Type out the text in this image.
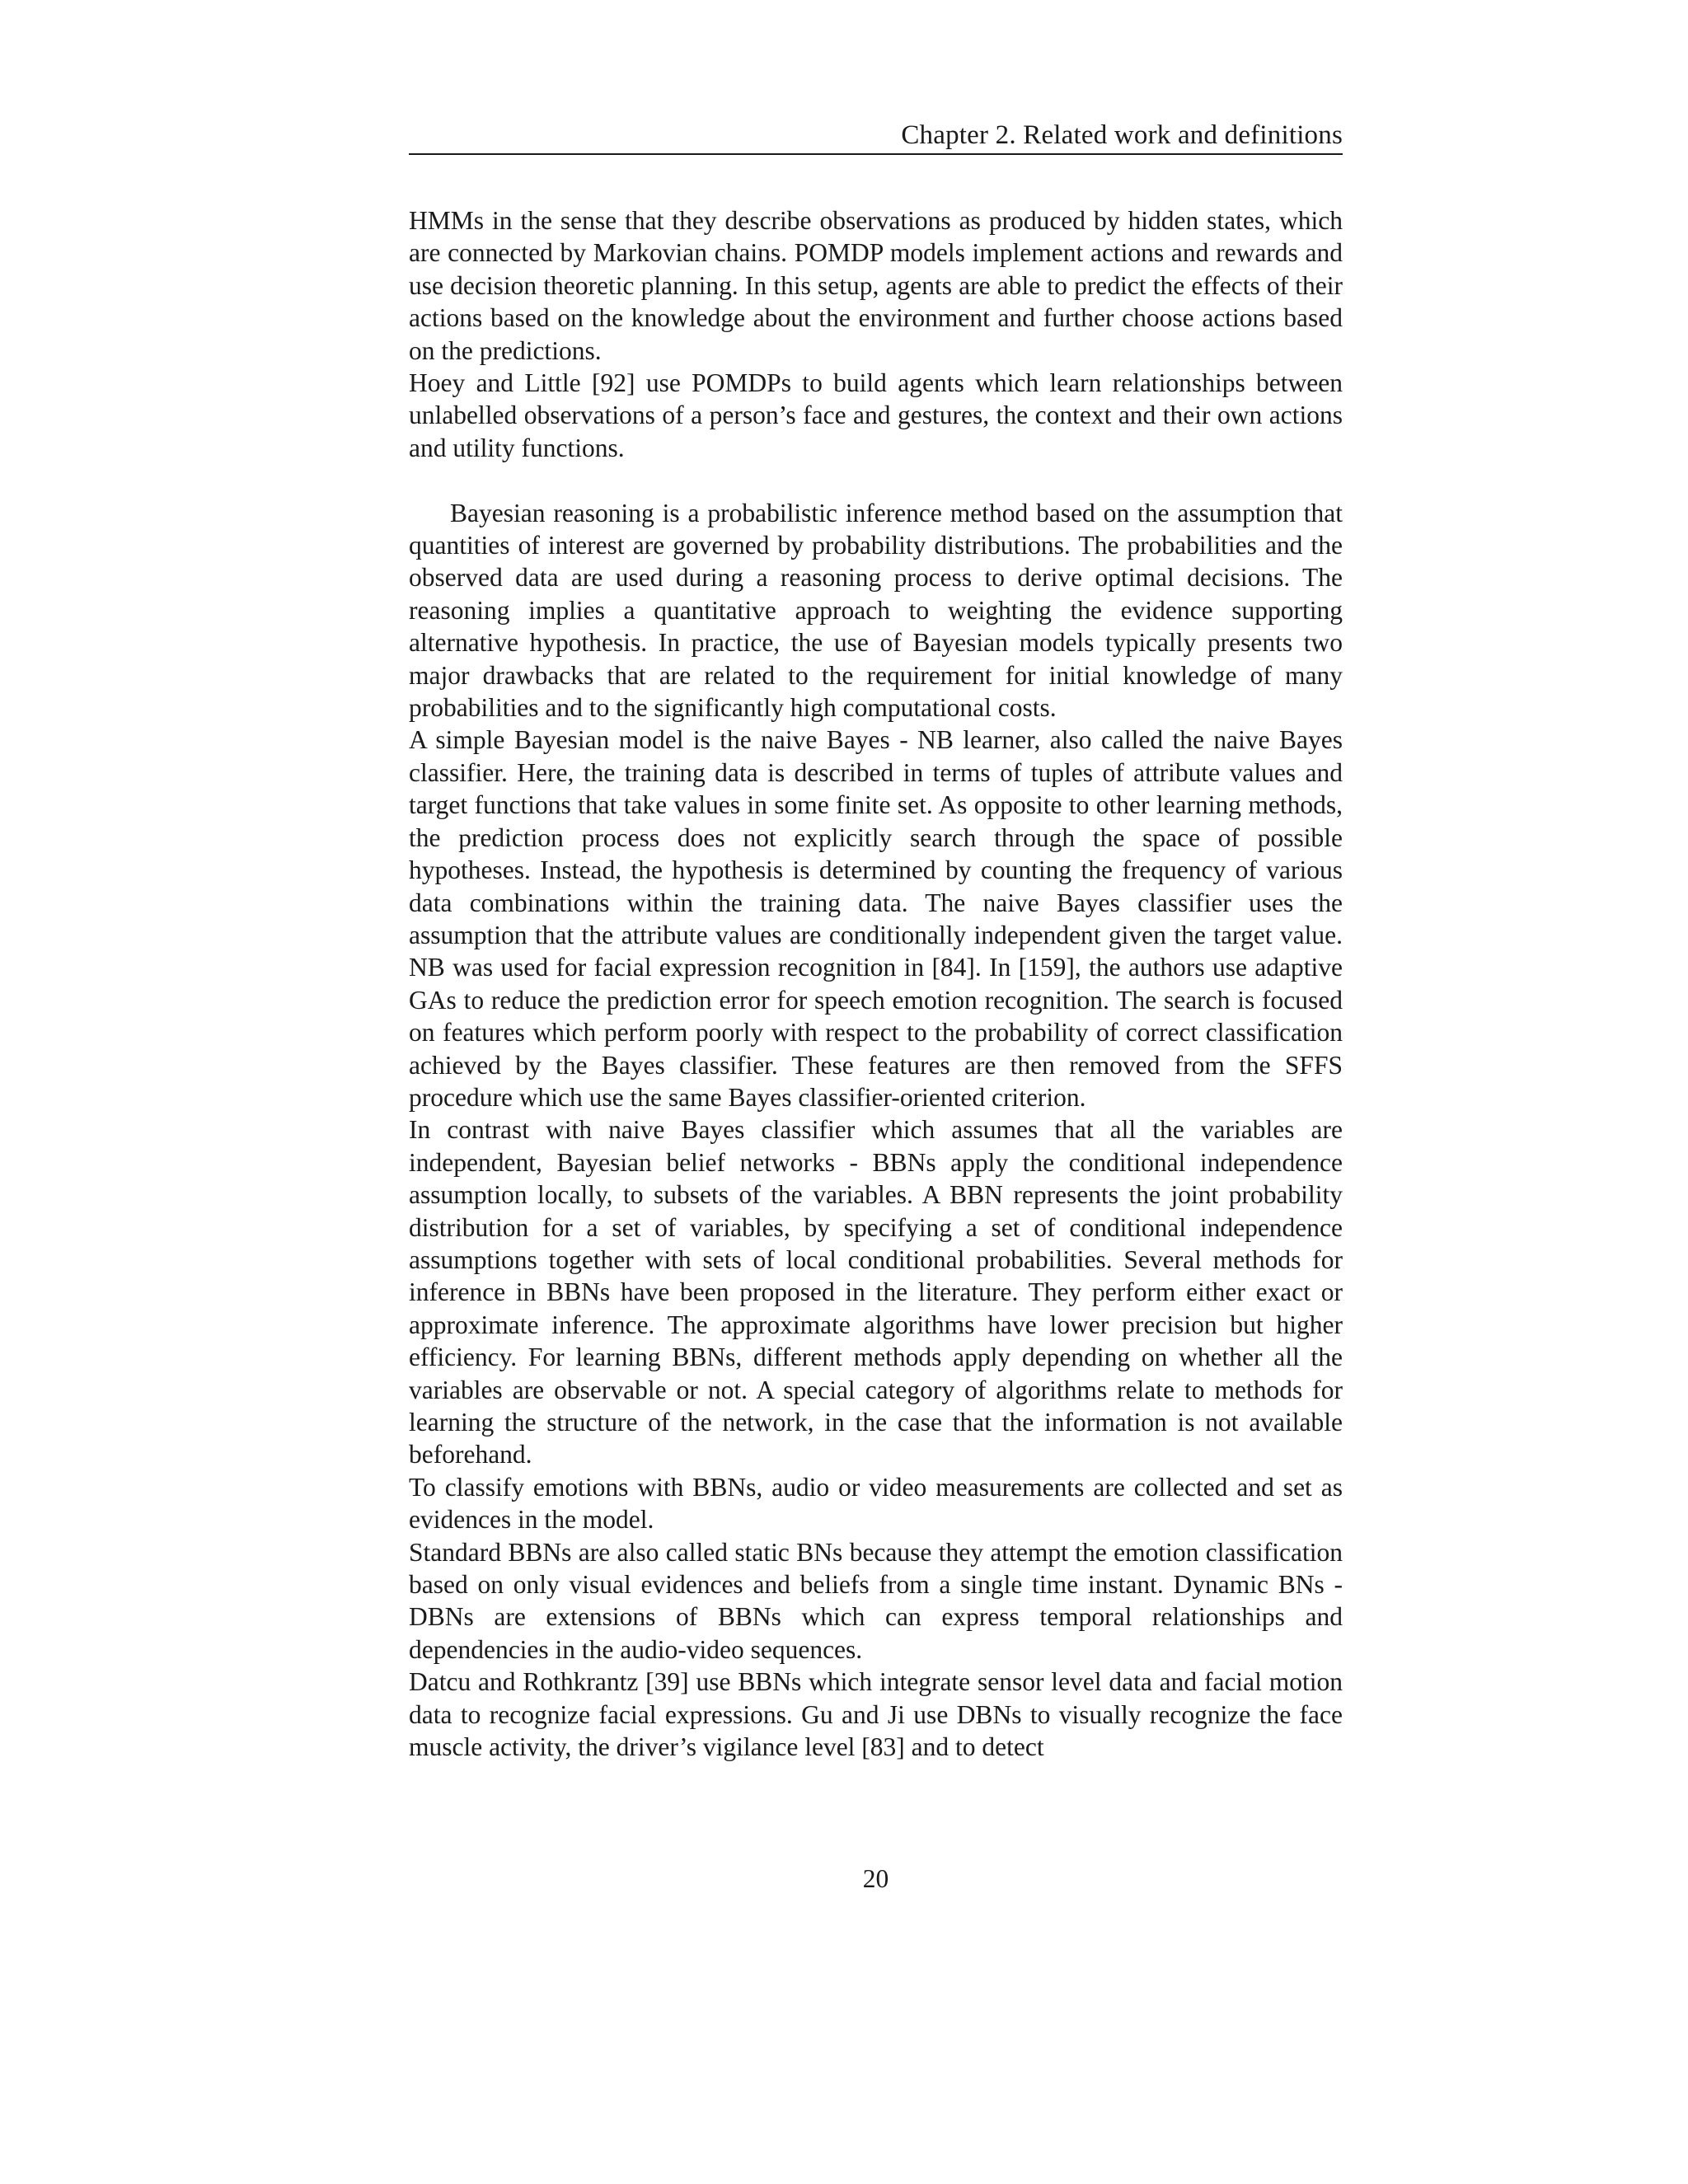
Chapter 2. Related work and definitions

HMMs in the sense that they describe observations as produced by hidden states, which are connected by Markovian chains. POMDP models implement actions and rewards and use decision theoretic planning. In this setup, agents are able to predict the effects of their actions based on the knowledge about the environment and further choose actions based on the predictions.

Hoey and Little [92] use POMDPs to build agents which learn relationships between unlabelled observations of a person’s face and gestures, the context and their own actions and utility functions.

Bayesian reasoning is a probabilistic inference method based on the assumption that quantities of interest are governed by probability distributions. The probabilities and the observed data are used during a reasoning process to derive optimal decisions. The reasoning implies a quantitative approach to weighting the evidence supporting alternative hypothesis. In practice, the use of Bayesian models typically presents two major drawbacks that are related to the requirement for initial knowledge of many probabilities and to the significantly high computational costs.

A simple Bayesian model is the naive Bayes - NB learner, also called the naive Bayes classifier. Here, the training data is described in terms of tuples of attribute values and target functions that take values in some finite set. As opposite to other learning methods, the prediction process does not explicitly search through the space of possible hypotheses. Instead, the hypothesis is determined by counting the frequency of various data combinations within the training data. The naive Bayes classifier uses the assumption that the attribute values are conditionally independent given the target value. NB was used for facial expression recognition in [84]. In [159], the authors use adaptive GAs to reduce the prediction error for speech emotion recognition. The search is focused on features which perform poorly with respect to the probability of correct classification achieved by the Bayes classifier. These features are then removed from the SFFS procedure which use the same Bayes classifier-oriented criterion.

In contrast with naive Bayes classifier which assumes that all the variables are independent, Bayesian belief networks - BBNs apply the conditional independence assumption locally, to subsets of the variables. A BBN represents the joint probability distribution for a set of variables, by specifying a set of conditional independence assumptions together with sets of local conditional probabilities. Several methods for inference in BBNs have been proposed in the literature. They perform either exact or approximate inference. The approximate algorithms have lower precision but higher efficiency. For learning BBNs, different methods apply depending on whether all the variables are observable or not. A special category of algorithms relate to methods for learning the structure of the network, in the case that the information is not available beforehand.

To classify emotions with BBNs, audio or video measurements are collected and set as evidences in the model.

Standard BBNs are also called static BNs because they attempt the emotion classification based on only visual evidences and beliefs from a single time instant. Dynamic BNs - DBNs are extensions of BBNs which can express temporal relationships and dependencies in the audio-video sequences.

Datcu and Rothkrantz [39] use BBNs which integrate sensor level data and facial motion data to recognize facial expressions. Gu and Ji use DBNs to visually recognize the face muscle activity, the driver’s vigilance level [83] and to detect

20
